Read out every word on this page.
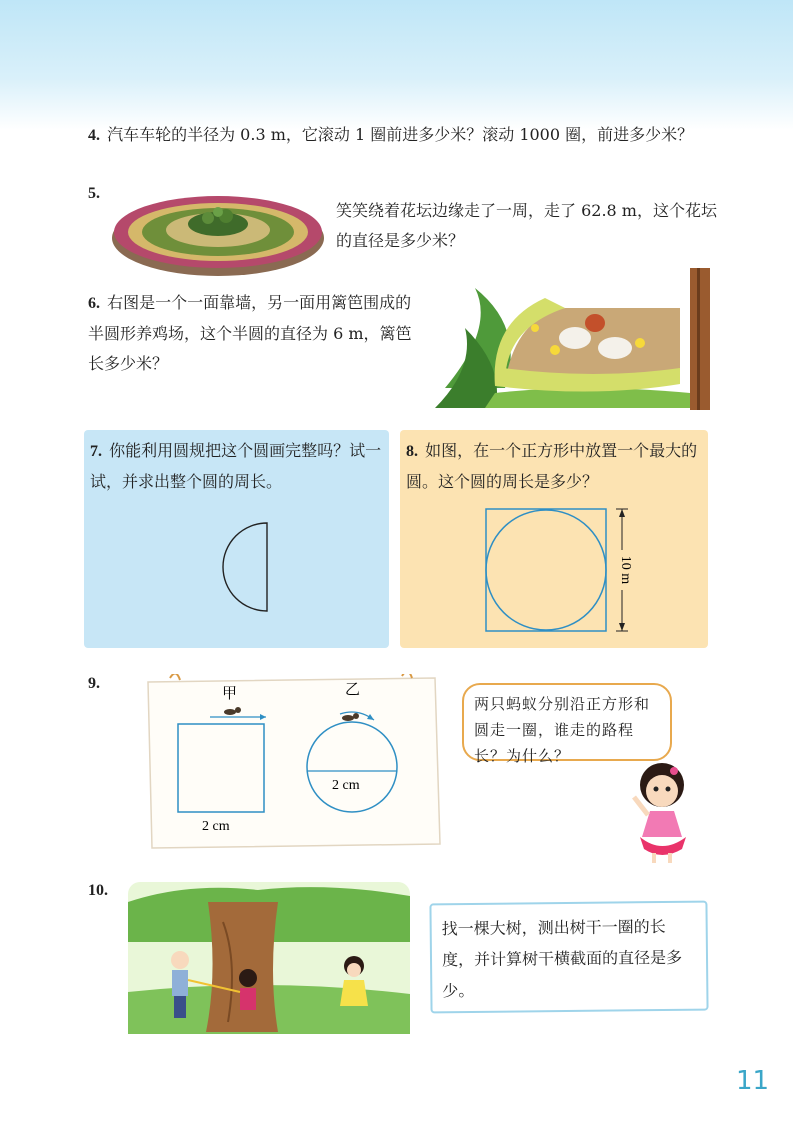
4. 汽车车轮的半径为 0.3 m，它滚动 1 圈前进多少米？滚动 1000 圈，前进多少米？
5.
笑笑绕着花坛边缘走了一周，走了 62.8 m，这个花坛的直径是多少米？
6. 右图是一个一面靠墙，另一面用篱笆围成的半圆形养鸡场，这个半圆的直径为 6 m，篱笆长多少米？
7. 你能利用圆规把这个圆画完整吗？试一试，并求出整个圆的周长。
8. 如图，在一个正方形中放置一个最大的圆。这个圆的周长是多少？
10 m
9.
甲	乙
2 cm
2 cm
两只蚂蚁分别沿正方形和圆走一圈，谁走的路程长？为什么？
10.
找一棵大树，测出树干一圈的长度，并计算树干横截面的直径是多少。
11
